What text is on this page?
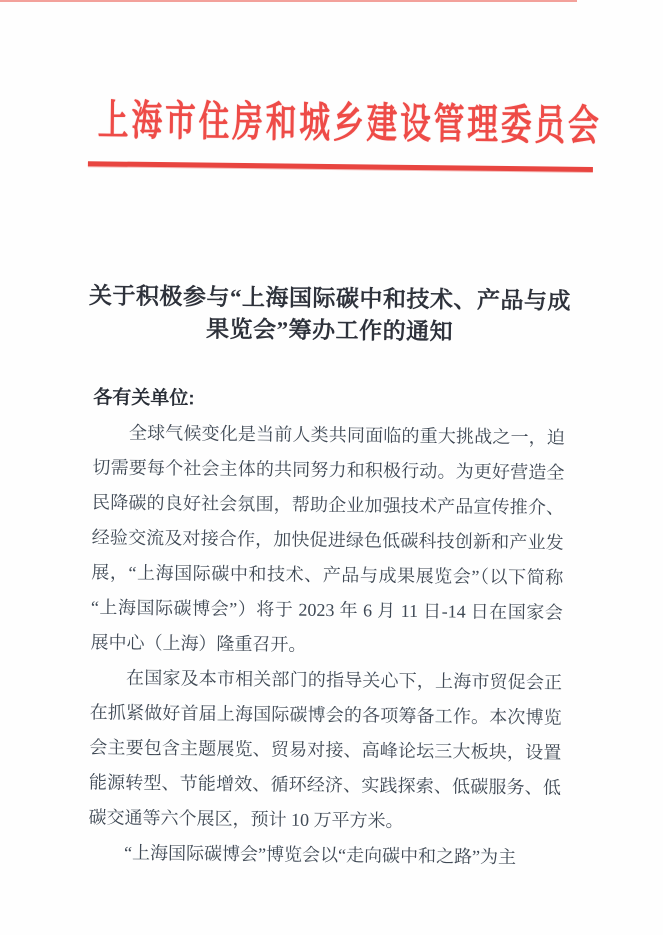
上海市住房和城乡建设管理委员会
关于积极参与“上海国际碳中和技术、产品与成
果览会”筹办工作的通知
各有关单位:
全球气候变化是当前人类共同面临的重大挑战之一，迫
切需要每个社会主体的共同努力和积极行动。为更好营造全
民降碳的良好社会氛围，帮助企业加强技术产品宣传推介、
经验交流及对接合作，加快促进绿色低碳科技创新和产业发
展，“上海国际碳中和技术、产品与成果展览会”（以下简称
“上海国际碳博会”）将于 2023 年 6 月 11 日-14 日在国家会
展中心（上海）隆重召开。
在国家及本市相关部门的指导关心下，上海市贸促会正
在抓紧做好首届上海国际碳博会的各项筹备工作。本次博览
会主要包含主题展览、贸易对接、高峰论坛三大板块，设置
能源转型、节能增效、循环经济、实践探索、低碳服务、低
碳交通等六个展区，预计 10 万平方米。
“上海国际碳博会”博览会以“走向碳中和之路”为主
